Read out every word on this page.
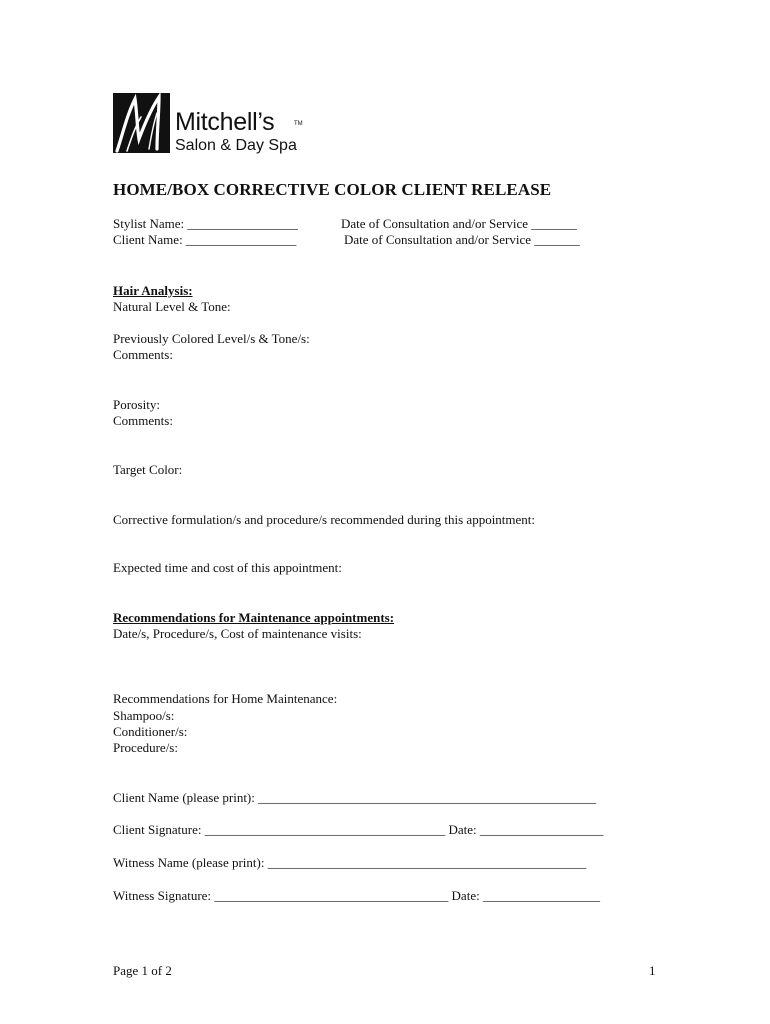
Mitchell’s	TM
Salon & Day Spa
HOME/BOX CORRECTIVE COLOR CLIENT RELEASE
Stylist Name: _________________	Date of Consultation and/or Service _______
Client Name: _________________	Date of Consultation and/or Service _______
Hair Analysis:
Natural Level & Tone:
Previously Colored Level/s & Tone/s:
Comments:
Porosity:
Comments:
Target Color:
Corrective formulation/s and procedure/s recommended during this appointment:
Expected time and cost of this appointment:
Recommendations for Maintenance appointments:
Date/s, Procedure/s, Cost of maintenance visits:
Recommendations for Home Maintenance:
Shampoo/s:
Conditioner/s:
Procedure/s:
Client Name (please print): ____________________________________________________
Client Signature: _____________________________________ Date: ___________________
Witness Name (please print): _________________________________________________
Witness Signature: ____________________________________ Date: __________________
Page 1 of 2	1
